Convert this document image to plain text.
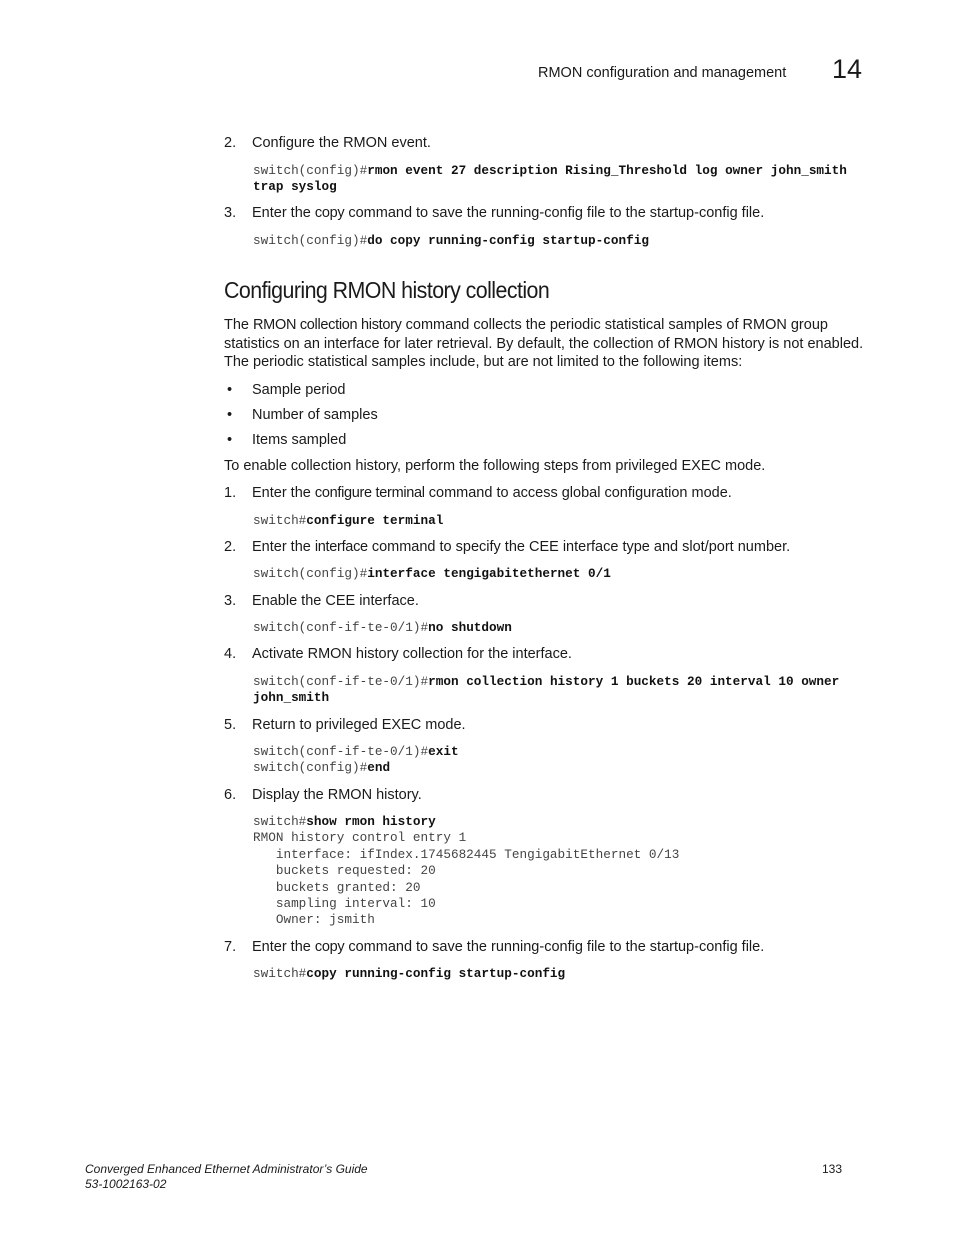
RMON configuration and management 14
2.	Configure the RMON event.
switch(config)#rmon event 27 description Rising_Threshold log owner john_smith
trap syslog
3.	Enter the copy command to save the running-config file to the startup-config file.
switch(config)#do copy running-config startup-config
Configuring RMON history collection
The RMON collection history command collects the periodic statistical samples of RMON group statistics on an interface for later retrieval. By default, the collection of RMON history is not enabled. The periodic statistical samples include, but are not limited to the following items:
• Sample period
• Number of samples
• Items sampled
To enable collection history, perform the following steps from privileged EXEC mode.
1.	Enter the configure terminal command to access global configuration mode.
switch#configure terminal
2.	Enter the interface command to specify the CEE interface type and slot/port number.
switch(config)#interface tengigabitethernet 0/1
3.	Enable the CEE interface.
switch(conf-if-te-0/1)#no shutdown
4.	Activate RMON history collection for the interface.
switch(conf-if-te-0/1)#rmon collection history 1 buckets 20 interval 10 owner
john_smith
5.	Return to privileged EXEC mode.
switch(conf-if-te-0/1)#exit
switch(config)#end
6.	Display the RMON history.
switch#show rmon history
RMON history control entry 1
interface: ifIndex.1745682445 TengigabitEthernet 0/13
buckets requested: 20
buckets granted: 20
sampling interval: 10
Owner: jsmith
7.	Enter the copy command to save the running-config file to the startup-config file.
switch#copy running-config startup-config
Converged Enhanced Ethernet Administrator’s Guide
53-1002163-02
133
